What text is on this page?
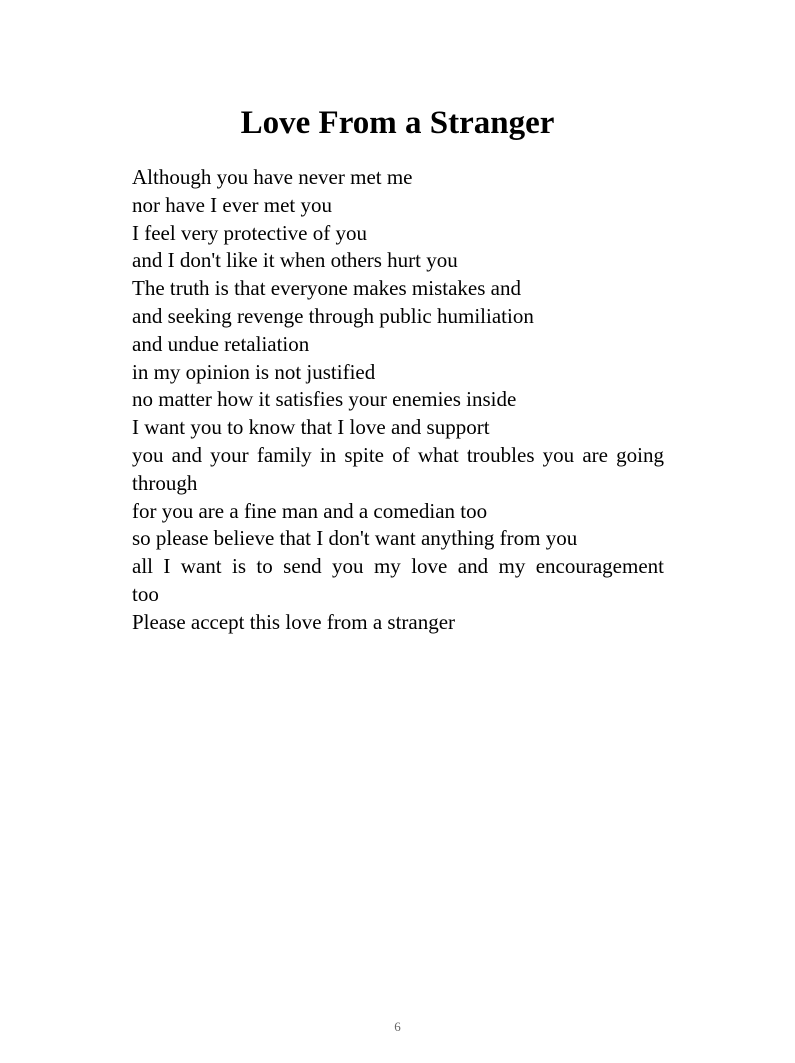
Love From a Stranger
Although you have never met me
nor have I ever met you
I feel very protective of you
and I don't like it when others hurt you
The truth is that everyone makes mistakes and
and seeking revenge through public humiliation
and undue retaliation
in my opinion is not justified
no matter how it satisfies your enemies inside
I want you to know that I love and support
you and your family in spite of what troubles you are going
through
for you are a fine man and a comedian too
so please believe that I don't want anything from you
all I want is to send you my love and my encouragement
too
Please accept this love from a stranger
6
